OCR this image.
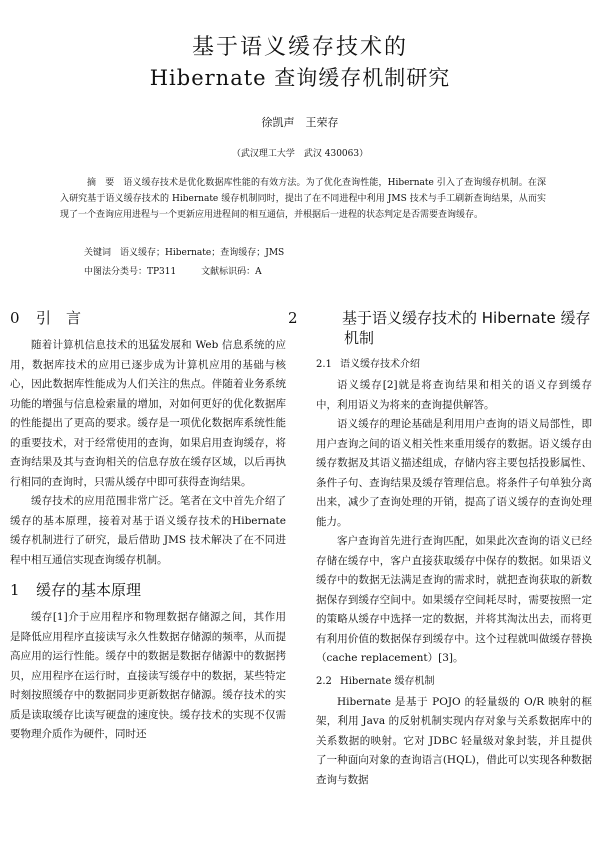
基于语义缓存技术的
Hibernate 查询缓存机制研究
徐凯声　王荣存
（武汉理工大学　武汉 430063）
摘　要　语义缓存技术是优化数据库性能的有效方法。为了优化查询性能，Hibernate 引入了查询缓存机制。在深入研究基于语义缓存技术的 Hibernate 缓存机制同时，提出了在不同进程中利用 JMS 技术与手工刷新查询结果，从而实现了一个查询应用进程与一个更新应用进程间的相互通信，并根据后一进程的状态判定是否需要查询缓存。
关键词　语义缓存；Hibernate；查询缓存；JMS
中图法分类号：TP311	文献标识码：A
0 引　言

随着计算机信息技术的迅猛发展和 Web 信息系统的应用，数据库技术的应用已逐步成为计算机应用的基础与核心，因此数据库性能成为人们关注的焦点。伴随着业务系统功能的增强与信息检索量的增加，对如何更好的优化数据库的性能提出了更高的要求。缓存是一项优化数据库系统性能的重要技术，对于经常使用的查询，如果启用查询缓存，将查询结果及其与查询相关的信息存放在缓存区域，以后再执行相同的查询时，只需从缓存中即可获得查询结果。

缓存技术的应用范围非常广泛。笔者在文中首先介绍了缓存的基本原理，接着对基于语义缓存技术的Hibernate 缓存机制进行了研究，最后借助 JMS 技术解决了在不同进程中相互通信实现查询缓存机制。

1 缓存的基本原理

缓存[1]介于应用程序和物理数据存储源之间，其作用是降低应用程序直接读写永久性数据存储源的频率，从而提高应用的运行性能。缓存中的数据是数据存储源中的数据拷贝，应用程序在运行时，直接读写缓存中的数据，某些特定时刻按照缓存中的数据同步更新数据存储源。缓存技术的实质是读取缓存比读写硬盘的速度快。缓存技术的实现不仅需要物理介质作为硬件，同时还

2	基于语义缓存技术的 Hibernate 缓存机制
2.1 语义缓存技术介绍

语义缓存[2]就是将查询结果和相关的语义存到缓存中，利用语义为将来的查询提供解答。

语义缓存的理论基础是利用用户查询的语义局部性，即用户查询之间的语义相关性来重用缓存的数据。语义缓存由缓存数据及其语义描述组成，存储内容主要包括投影属性、条件子句、查询结果及缓存管理信息。将条件子句单独分离出来，减少了查询处理的开销，提高了语义缓存的查询处理能力。

客户查询首先进行查询匹配，如果此次查询的语义已经存储在缓存中，客户直接获取缓存中保存的数据。如果语义缓存中的数据无法满足查询的需求时，就把查询获取的新数据保存到缓存空间中。如果缓存空间耗尽时，需要按照一定的策略从缓存中选择一定的数据，并将其淘汰出去，而将更有利用价值的数据保存到缓存中。这个过程就叫做缓存替换（cache replacement）[3]。

2.2 Hibernate 缓存机制

Hibernate 是基于 POJO 的轻量级的 O/R 映射的框架，利用 Java 的反射机制实现内存对象与关系数据库中的关系数据的映射。它对 JDBC 轻量级对象封装，并且提供了一种面向对象的查询语言(HQL)，借此可以实现各种数据查询与数据
